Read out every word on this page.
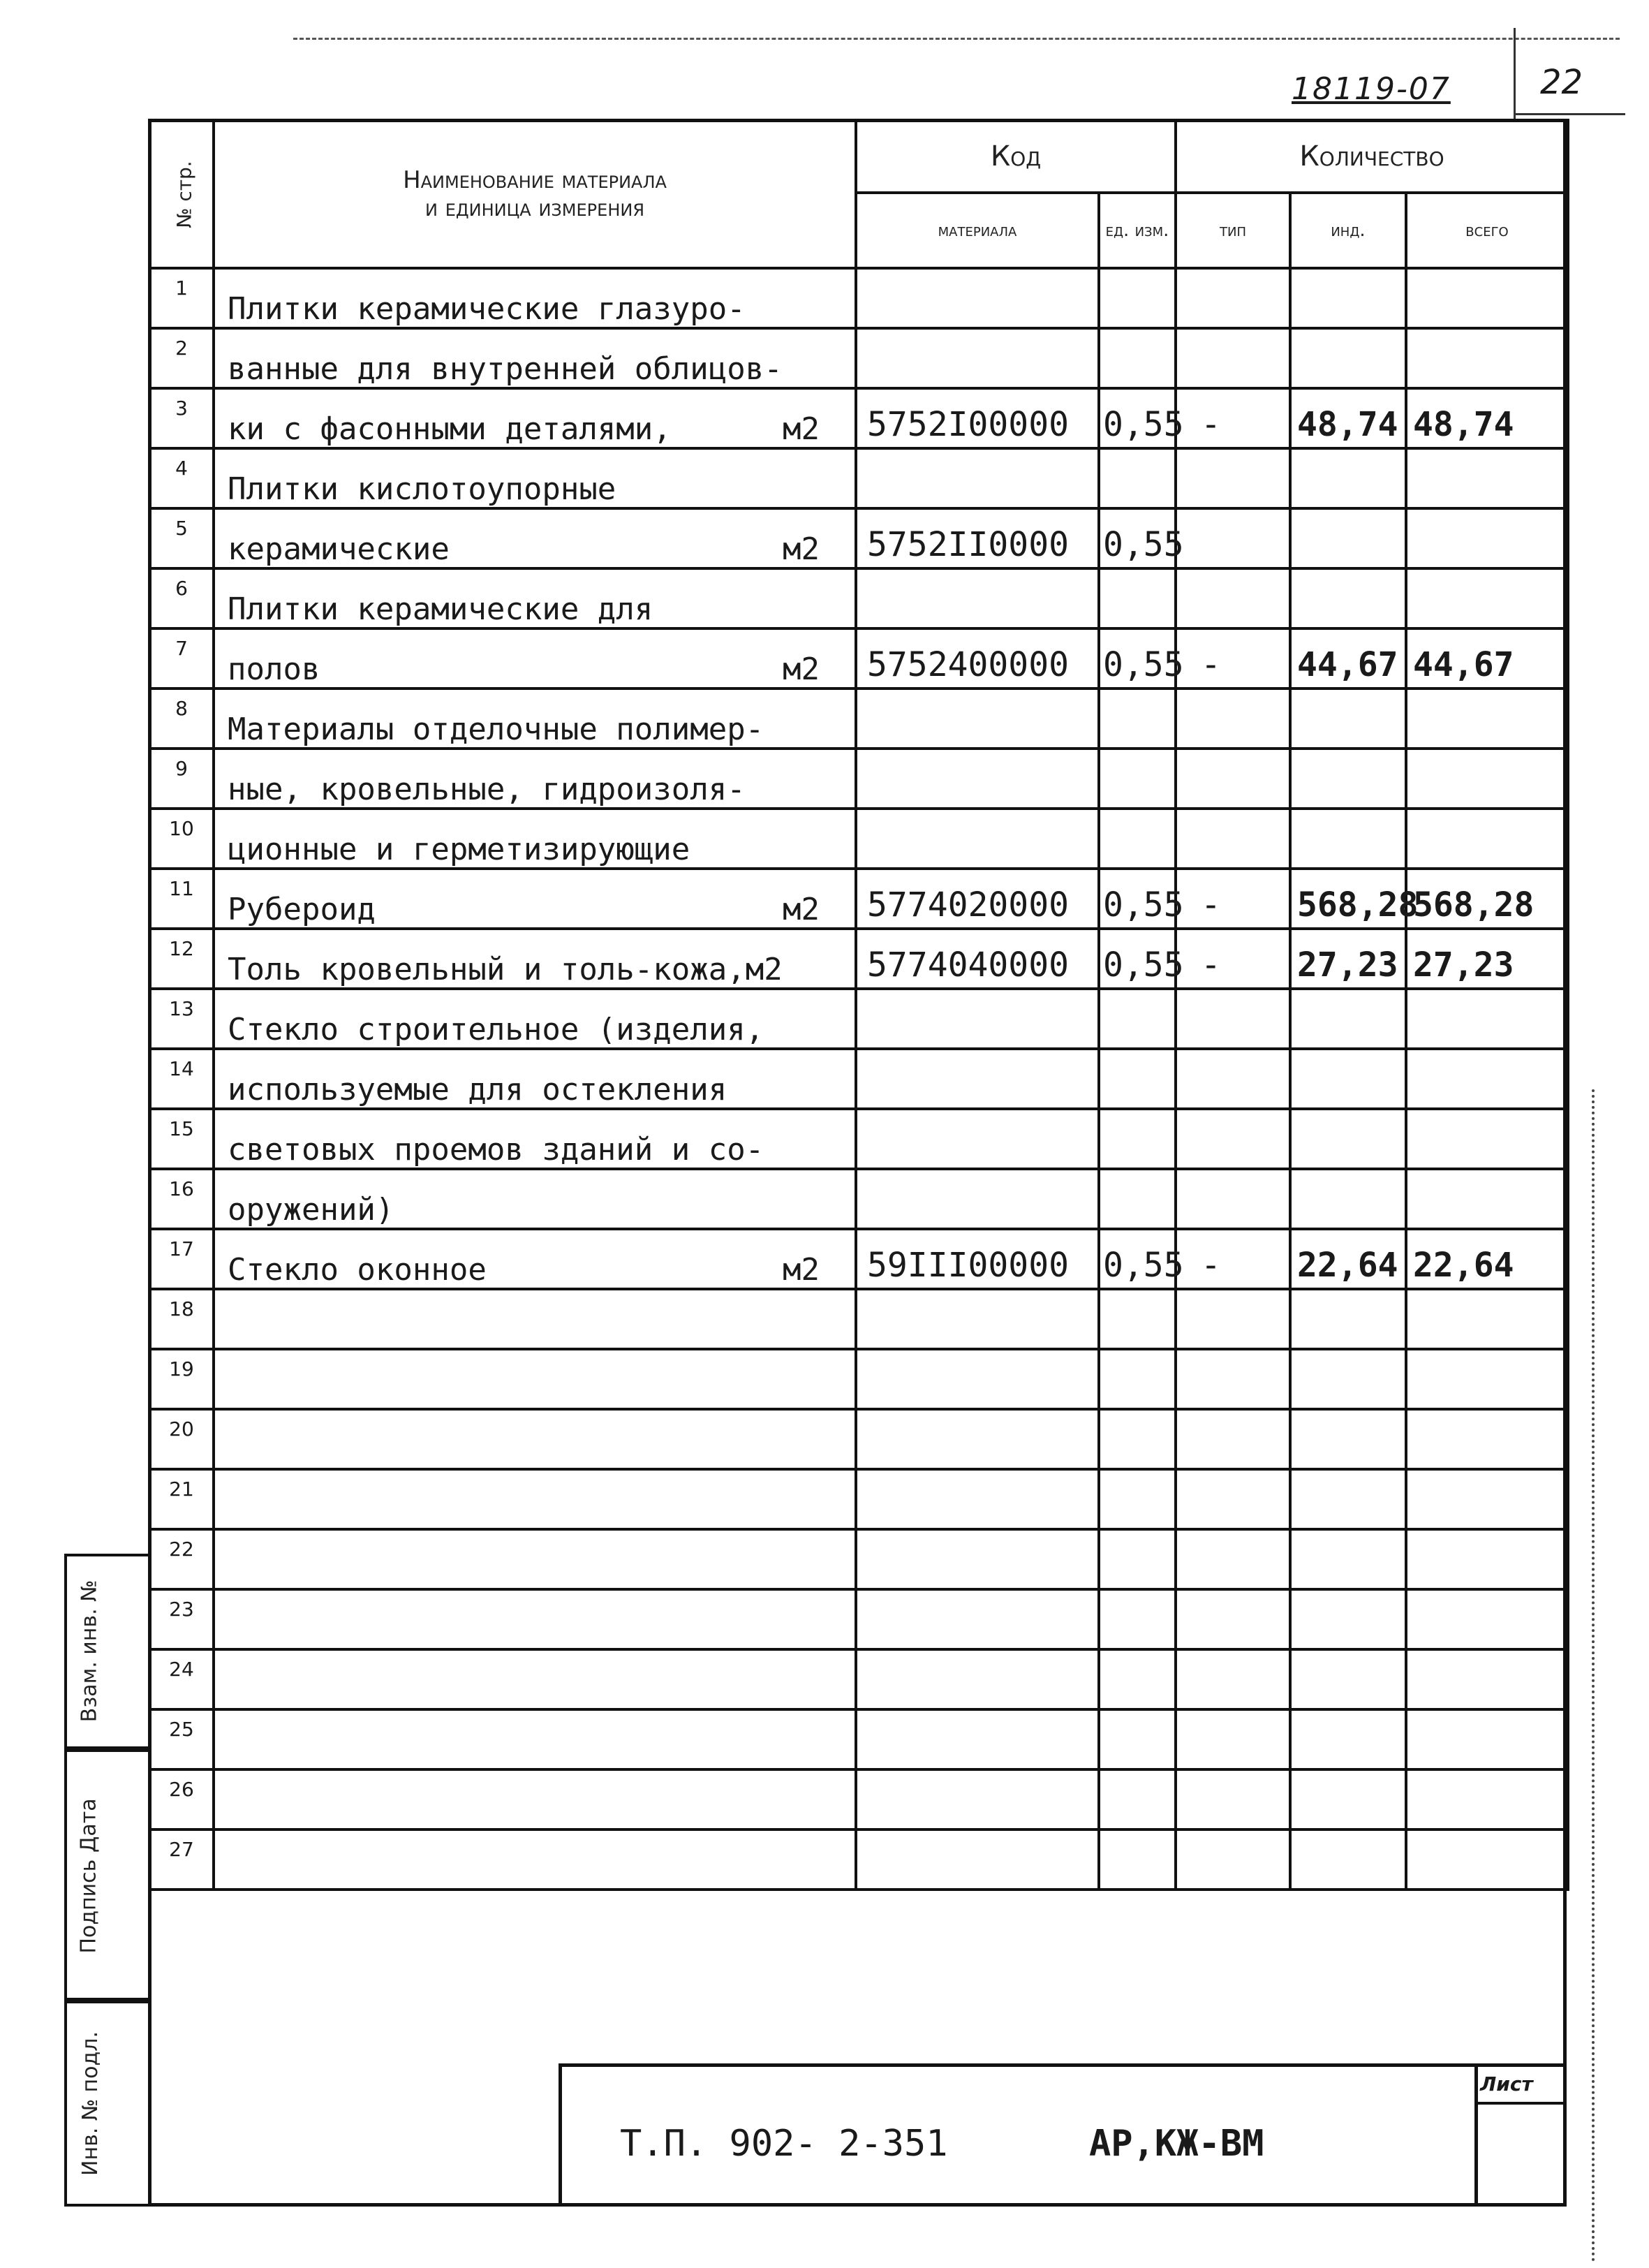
18119-07	22
№ стр.	Наименование материала
и единица измерения	Код		Количество		
		материала	ед. изм.	тип	инд.	всего
1	Плитки керамические глазуро-

2	ванные для внутренней облицов-

3	ки с фасонными деталями, м2	5752I00000	0,55	-	48,74	48,74
4	Плитки кислотоупорные

5	керамические м2	5752II0000	0,55			
6	Плитки керамические для

7	полов м2	5752400000	0,55	-	44,67	44,67
8	Материалы отделочные полимер-

9	ные, кровельные, гидроизоля-

10	ционные и герметизирующие

11	Рубероид м2	5774020000	0,55	-	568,28	568,28
12	Толь кровельный и толь-кожа,м2	5774040000	0,55	-	27,23	27,23
13	Стекло строительное (изделия,

14	используемые для остекления

15	световых проемов зданий и со-

16	оружений)

17	Стекло оконное м2	59III00000	0,55	-	22,64	22,64
18	

19	

20	

21	

22	

23	

24	

25	

26	

27	

Взам. инв. №
Подпись Дата
Инв. № подл.	Лист
Т.П. 902- 2-351	АР,КЖ-ВМ
